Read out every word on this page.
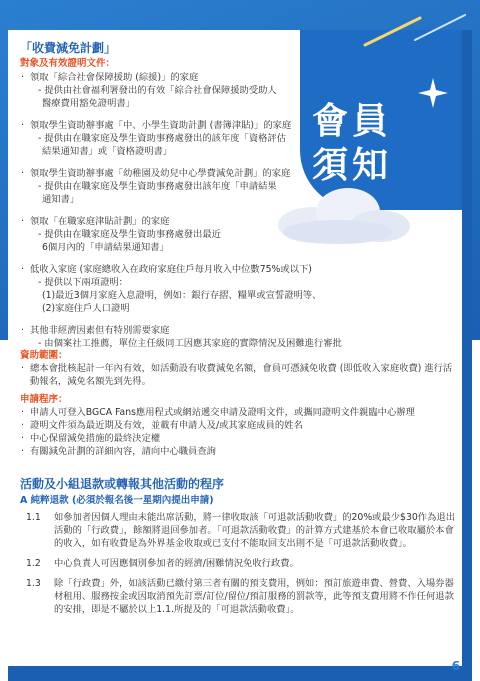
會員
須知
「收費減免計劃」
對象及有效證明文件：
‧ 領取「綜合社會保障援助 (綜援)」的家庭
- 提供由社會福利署發出的有效「綜合社會保障援助受助人
醫療費用豁免證明書」
‧ 領取學生資助辦事處「中、小學生資助計劃 (書簿津貼)」的家庭
- 提供由在職家庭及學生資助事務處發出的該年度「資格評估
結果通知書」或「資格證明書」
‧ 領取學生資助辦事處「幼稚園及幼兒中心學費減免計劃」的家庭
- 提供由在職家庭及學生資助事務處發出該年度「申請結果
通知書」
‧ 領取「在職家庭津貼計劃」的家庭
- 提供由在職家庭及學生資助事務處發出最近
6個月內的「申請結果通知書」
‧ 低收入家庭 (家庭總收入在政府家庭住戶每月收入中位數75%或以下)
- 提供以下兩項證明：
(1)最近3個月家庭入息證明，例如：銀行存摺、糧單或宣誓證明等、
(2)家庭住戶人口證明
‧ 其他非經濟因素但有特別需要家庭
- 由個案社工推薦，單位主任級同工因應其家庭的實際情況及困難進行審批
資助範圍：
‧ 總本會批核起計一年內有效，如活動設有收費減免名額，會員可憑減免收費 (即低收入家庭收費) 進行活動報名，減免名額先到先得。
申請程序：
‧ 申請人可登入BGCA Fans應用程式或網站遞交申請及證明文件，或攜同證明文件親臨中心辦理
‧ 證明文件須為最近期及有效，並載有申請人及/或其家庭成員的姓名
‧ 中心保留減免措施的最終決定權
‧ 有關減免計劃的詳細內容，請向中心職員查詢
活動及小組退款或轉報其他活動的程序
A 純粹退款 (必須於報名後一星期內提出申請)
1.1	如參加者因個人理由未能出席活動，將一律收取該「可退款活動收費」的20%或最少$30作為退出活動的「行政費」，餘額將退回參加者。「可退款活動收費」的計算方式建基於本會已收取屬於本會的收入，如有收費是為外界基金收取或已支付不能取回支出則不是「可退款活動收費」。
1.2	中心負責人可因應個別參加者的經濟/困難情況免收行政費。
1.3	除「行政費」外，如該活動已繳付第三者有關的預支費用，例如：預訂旅遊車費、營費、入場券器材租用、服務按金或因取消預先訂票/訂位/留位/預訂服務的罰款等，此等預支費用將不作任何退款的安排，即是不屬於以上1.1.所提及的「可退款活動收費」。
6
